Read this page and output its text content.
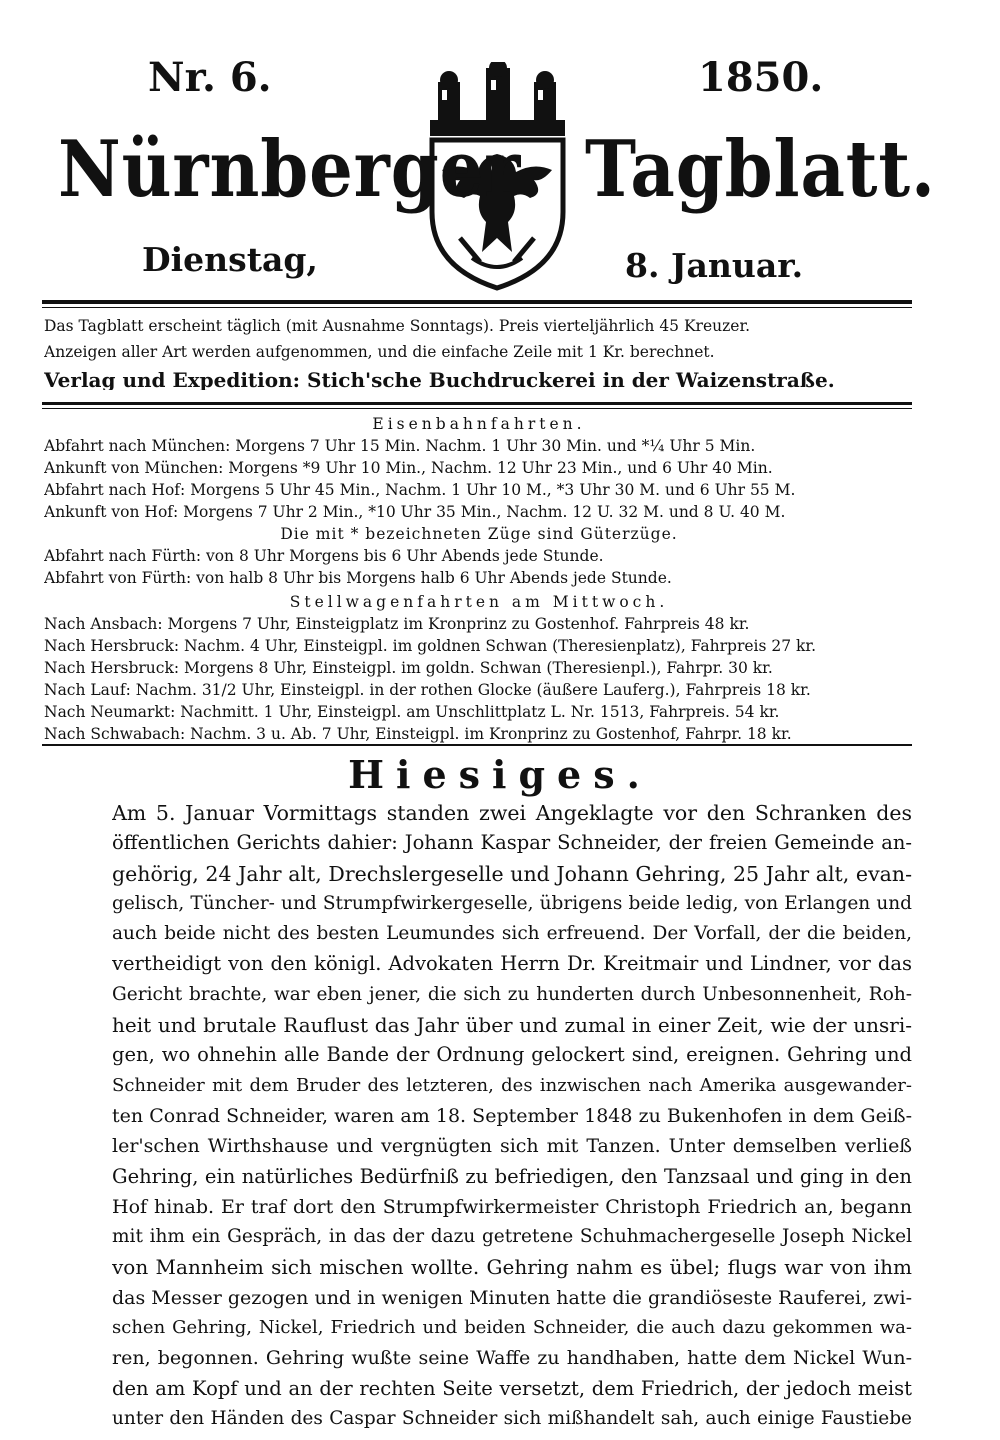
Nr. 6.	1850.
Nürnberger Tagblatt.
Dienstag,	8. Januar.
Das Tagblatt erscheint täglich (mit Ausnahme Sonntags). Preis vierteljährlich 45 Kreuzer.
Anzeigen aller Art werden aufgenommen, und die einfache Zeile mit 1 Kr. berechnet.
Verlag und Expedition: Stich'sche Buchdruckerei in der Waizenstraße.
Eisenbahnfahrten.
Abfahrt nach München: Morgens 7 Uhr 15 Min. Nachm. 1 Uhr 30 Min. und *¼ Uhr 5 Min.
Ankunft von München: Morgens *9 Uhr 10 Min., Nachm. 12 Uhr 23 Min., und 6 Uhr 40 Min.
Abfahrt nach Hof: Morgens 5 Uhr 45 Min., Nachm. 1 Uhr 10 M., *3 Uhr 30 M. und 6 Uhr 55 M.
Ankunft von Hof: Morgens 7 Uhr 2 Min., *10 Uhr 35 Min., Nachm. 12 U. 32 M. und 8 U. 40 M.
Die mit * bezeichneten Züge sind Güterzüge.
Abfahrt nach Fürth: von 8 Uhr Morgens bis 6 Uhr Abends jede Stunde.
Abfahrt von Fürth: von halb 8 Uhr bis Morgens halb 6 Uhr Abends jede Stunde.
Stellwagenfahrten am Mittwoch.
Nach Ansbach: Morgens 7 Uhr, Einsteigplatz im Kronprinz zu Gostenhof. Fahrpreis 48 kr.
Nach Hersbruck: Nachm. 4 Uhr, Einsteigpl. im goldnen Schwan (Theresienplatz), Fahrpreis 27 kr.
Nach Hersbruck: Morgens 8 Uhr, Einsteigpl. im goldn. Schwan (Theresienpl.), Fahrpr. 30 kr.
Nach Lauf: Nachm. 31/2 Uhr, Einsteigpl. in der rothen Glocke (äußere Lauferg.), Fahrpreis 18 kr.
Nach Neumarkt: Nachmitt. 1 Uhr, Einsteigpl. am Unschlittplatz L. Nr. 1513, Fahrpreis. 54 kr.
Nach Schwabach: Nachm. 3 u. Ab. 7 Uhr, Einsteigpl. im Kronprinz zu Gostenhof, Fahrpr. 18 kr.
Hiesiges.
Am 5. Januar Vormittags standen zwei Angeklagte vor den Schranken des
öffentlichen Gerichts dahier: Johann Kaspar Schneider, der freien Gemeinde an-
gehörig, 24 Jahr alt, Drechslergeselle und Johann Gehring, 25 Jahr alt, evan-
gelisch, Tüncher- und Strumpfwirkergeselle, übrigens beide ledig, von Erlangen und
auch beide nicht des besten Leumundes sich erfreuend. Der Vorfall, der die beiden,
vertheidigt von den königl. Advokaten Herrn Dr. Kreitmair und Lindner, vor das
Gericht brachte, war eben jener, die sich zu hunderten durch Unbesonnenheit, Roh-
heit und brutale Rauflust das Jahr über und zumal in einer Zeit, wie der unsri-
gen, wo ohnehin alle Bande der Ordnung gelockert sind, ereignen. Gehring und
Schneider mit dem Bruder des letzteren, des inzwischen nach Amerika ausgewander-
ten Conrad Schneider, waren am 18. September 1848 zu Bukenhofen in dem Geiß-
ler'schen Wirthshause und vergnügten sich mit Tanzen. Unter demselben verließ
Gehring, ein natürliches Bedürfniß zu befriedigen, den Tanzsaal und ging in den
Hof hinab. Er traf dort den Strumpfwirkermeister Christoph Friedrich an, begann
mit ihm ein Gespräch, in das der dazu getretene Schuhmachergeselle Joseph Nickel
von Mannheim sich mischen wollte. Gehring nahm es übel; flugs war von ihm
das Messer gezogen und in wenigen Minuten hatte die grandiöseste Rauferei, zwi-
schen Gehring, Nickel, Friedrich und beiden Schneider, die auch dazu gekommen wa-
ren, begonnen. Gehring wußte seine Waffe zu handhaben, hatte dem Nickel Wun-
den am Kopf und an der rechten Seite versetzt, dem Friedrich, der jedoch meist
unter den Händen des Caspar Schneider sich mißhandelt sah, auch einige Faustiebe
